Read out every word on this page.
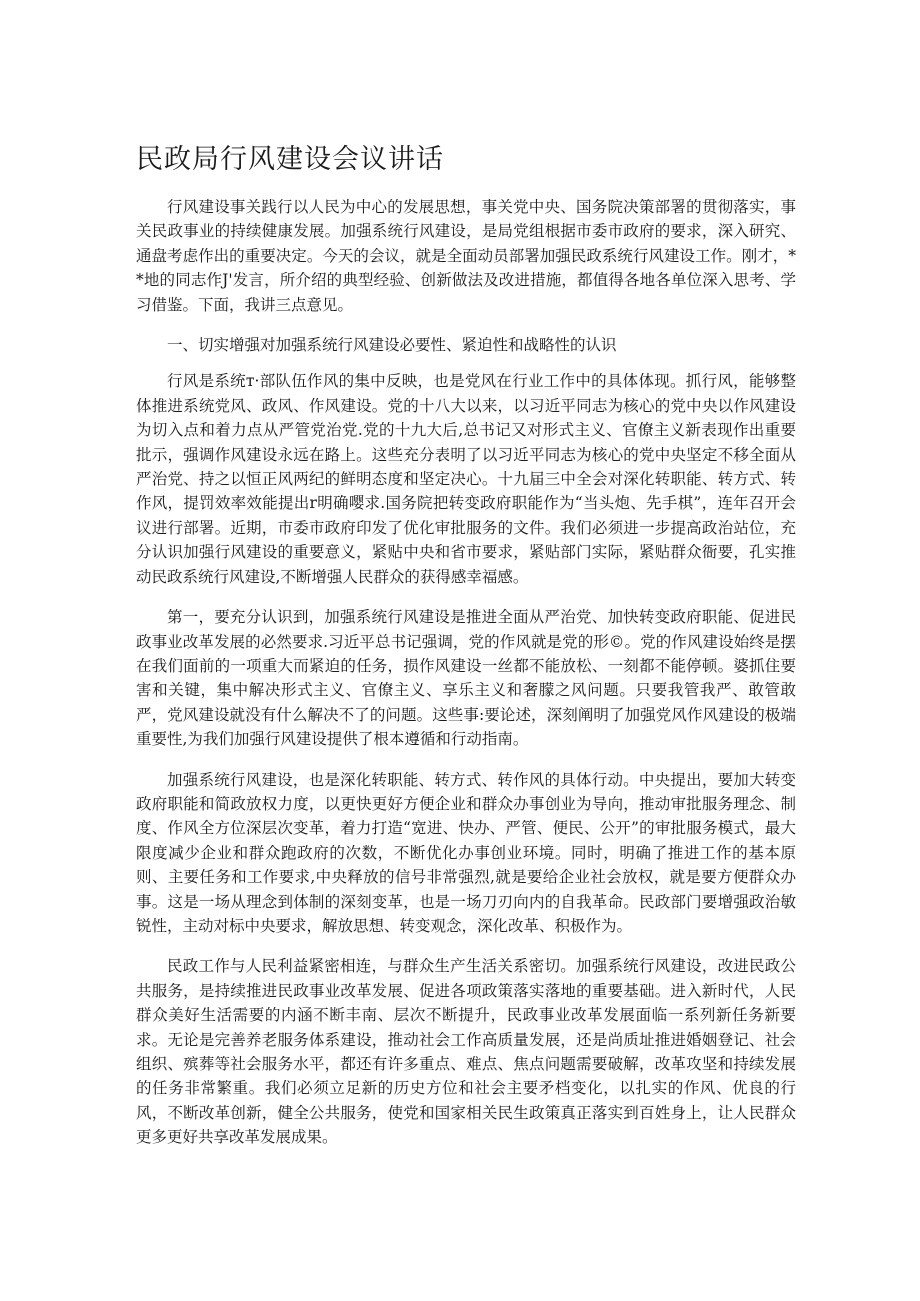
民政局行风建设会议讲话

行风建设事关践行以人民为中心的发展思想，事关党中央、国务院决策部署的贯彻落实，事关民政事业的持续健康发展。加强系统行风建设，是局党组根据市委市政府的要求，深入研究、通盘考虑作出的重要决定。今天的会议，就是全面动员部署加强民政系统行风建设工作。刚才，**地的同志作J'发言，所介绍的典型经验、创新做法及改进措施，都值得各地各单位深入思考、学习借鉴。下面，我讲三点意见。

一、切实增强对加强系统行风建设必要性、紧迫性和战略性的认识

行风是系统т·部队伍作风的集中反映，也是党风在行业工作中的具体体现。抓行风，能够整体推进系统党风、政风、作风建设。党的十八大以来，以习近平同志为核心的党中央以作风建设为切入点和着力点从严管党治党.党的十九大后,总书记又对形式主义、官僚主义新表现作出重要批示，强调作风建设永远在路上。这些充分表明了以习近平同志为核心的党中央坚定不移全面从严治党、持之以恒正风两纪的鲜明态度和坚定决心。十九届三中全会对深化转职能、转方式、转作风，提罚效率效能提出r明确嘤求.国务院把转变政府职能作为“当头炮、先手棋”，连年召开会议进行部署。近期，市委市政府印发了优化审批服务的文件。我们必须进一步提高政治站位，充分认识加强行风建设的重要意义，紧贴中央和省市要求，紧贴部门实际，紧贴群众衙要，孔实推动民政系统行风建设,不断增强人民群众的获得感幸福感。

第一，要充分认识到，加强系统行风建设是推进全面从严治党、加快转变政府职能、促进民政事业改革发展的必然要求.习近平总书记强调，党的作风就是党的形©。党的作风建设始终是摆在我们面前的一项重大而紧迫的任务，损作风建设一丝都不能放松、一刻都不能停顿。婆抓住要害和关键，集中解决形式主义、官僚主义、享乐主义和奢朦之风问题。只要我管我严、敢管敢严，党风建设就没有什么解决不了的问题。这些事:要论述，深刻阐明了加强党风作风建设的极端重要性,为我们加强行风建设提供了根本遵循和行动指南。

加强系统行风建设，也是深化转职能、转方式、转作风的具体行动。中央提出，要加大转变政府职能和简政放权力度，以更快更好方便企业和群众办事创业为导向，推动审批服务理念、制度、作风全方位深层次变革，着力打造“宽进、快办、严管、便民、公开”的审批服务模式，最大限度减少企业和群众跑政府的次数，不断优化办事创业环境。同时，明确了推进工作的基本原则、主要任务和工作要求,中央释放的信号非常强烈,就是要给企业社会放权，就是要方便群众办事。这是一场从理念到体制的深刻变革，也是一场刀刃向内的自我革命。民政部门要增强政治敏锐性，主动对标中央要求，解放思想、转变观念，深化改革、积极作为。

民政工作与人民利益紧密相连，与群众生产生活关系密切。加强系统行风建设，改进民政公共服务，是持续推进民政事业改革发展、促进各项政策落实落地的重要基础。进入新时代，人民群众美好生活需要的内涵不断丰南、层次不断提升，民政事业改革发展面临一系列新任务新要求。无论是完善养老服务体系建设，推动社会工作高质量发展，还是尚质址推进婚姻登记、社会组织、殡葬等社会服务水平，都还有许多重点、难点、焦点问题需要破解，改革攻坚和持续发展的任务非常繁重。我们必须立足新的历史方位和社会主要矛档变化，以扎实的作风、优良的行风，不断改革创新，健全公共服务，使党和国家相关民生政策真正落实到百姓身上，让人民群众更多更好共享改革发展成果。
